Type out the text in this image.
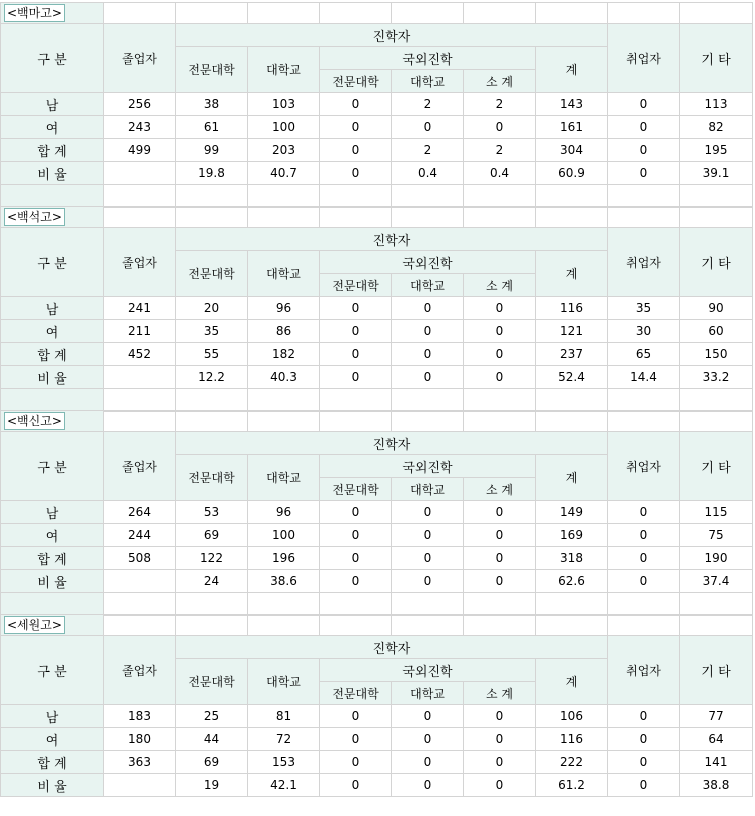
<백마고>									
구 분	졸업자	진학자						취업자	기 타
		전문대학	대학교	국외진학			계		
				전문대학	대학교	소 계			
남	256	38	103	0	2	2	143	0	113
여	243	61	100	0	0	0	161	0	82
합 계	499	99	203	0	2	2	304	0	195
비 율		19.8	40.7	0	0.4	0.4	60.9	0	39.1

<백석고>									
구 분	졸업자	진학자						취업자	기 타
		전문대학	대학교	국외진학			계		
				전문대학	대학교	소 계			
남	241	20	96	0	0	0	116	35	90
여	211	35	86	0	0	0	121	30	60
합 계	452	55	182	0	0	0	237	65	150
비 율		12.2	40.3	0	0	0	52.4	14.4	33.2

<백신고>									
구 분	졸업자	진학자						취업자	기 타
		전문대학	대학교	국외진학			계		
				전문대학	대학교	소 계			
남	264	53	96	0	0	0	149	0	115
여	244	69	100	0	0	0	169	0	75
합 계	508	122	196	0	0	0	318	0	190
비 율		24	38.6	0	0	0	62.6	0	37.4

<세원고>									
구 분	졸업자	진학자						취업자	기 타
		전문대학	대학교	국외진학			계		
				전문대학	대학교	소 계			
남	183	25	81	0	0	0	106	0	77
여	180	44	72	0	0	0	116	0	64
합 계	363	69	153	0	0	0	222	0	141
비 율		19	42.1	0	0	0	61.2	0	38.8
